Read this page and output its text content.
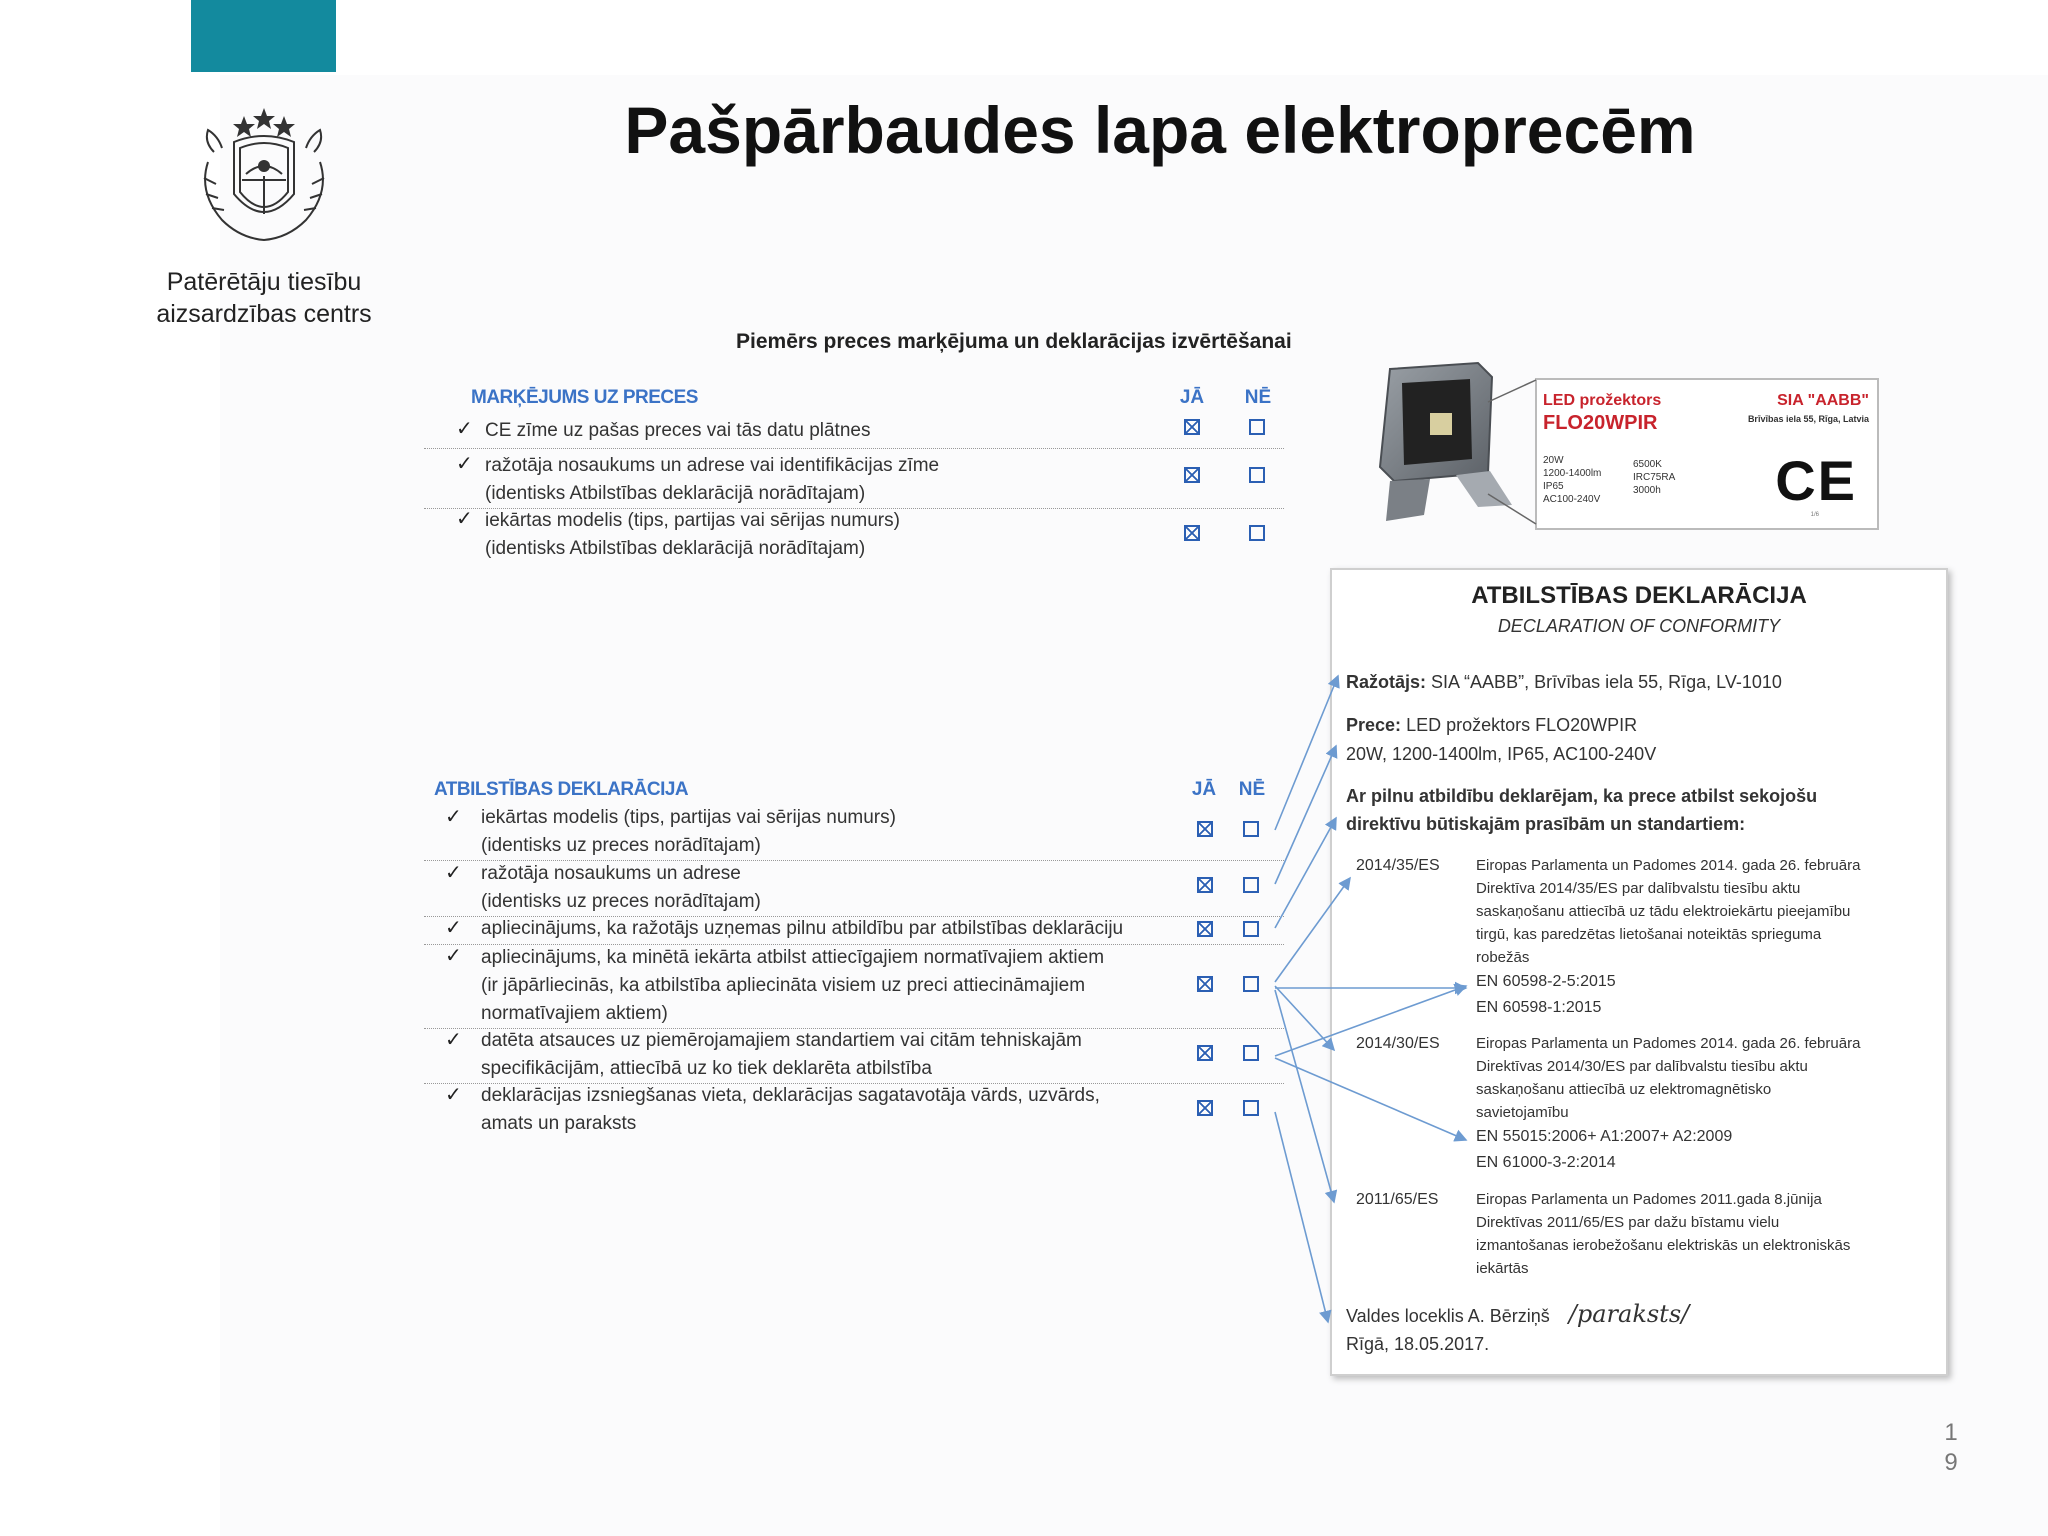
Patērētāju tiesību
aizsardzības centrs
Pašpārbaudes lapa elektroprecēm
Piemērs preces marķējuma un deklarācijas izvērtēšanai
MARĶĒJUMS UZ PRECES	JĀ	NĒ
✓ CE zīme uz pašas preces vai tās datu plātnes
✓ ražotāja nosaukums un adrese vai identifikācijas zīme
(identisks Atbilstības deklarācijā norādītajam)
✓ iekārtas modelis (tips, partijas vai sērijas numurs)
(identisks Atbilstības deklarācijā norādītajam)
ATBILSTĪBAS DEKLARĀCIJA	JĀ	NĒ
✓ iekārtas modelis (tips, partijas vai sērijas numurs)
(identisks uz preces norādītajam)
✓ ražotāja nosaukums un adrese
(identisks uz preces norādītajam)
✓ apliecinājums, ka ražotājs uzņemas pilnu atbildību par atbilstības deklarāciju
✓ apliecinājums, ka minētā iekārta atbilst attiecīgajiem normatīvajiem aktiem
(ir jāpārliecinās, ka atbilstība apliecināta visiem uz preci attiecināmajiem
normatīvajiem aktiem)
✓ datēta atsauces uz piemērojamajiem standartiem vai citām tehniskajām
specifikācijām, attiecībā uz ko tiek deklarēta atbilstība
✓ deklarācijas izsniegšanas vieta, deklarācijas sagatavotāja vārds, uzvārds,
amats un paraksts
LED prožektors
FLO20WPIR
SIA "AABB"
Brīvības iela 55, Rīga, Latvia
20W
1200-1400lm
IP65
AC100-240V
6500K
IRC75RA
3000h CE
1/6
ATBILSTĪBAS DEKLARĀCIJA
DECLARATION OF CONFORMITY
Ražotājs: SIA “AABB”, Brīvības iela 55, Rīga, LV-1010
Prece: LED prožektors FLO20WPIR
20W, 1200-1400lm, IP65, AC100-240V
Ar pilnu atbildību deklarējam, ka prece atbilst sekojošu
direktīvu būtiskajām prasībām un standartiem:
2014/35/ES Eiropas Parlamenta un Padomes 2014. gada 26. februāra
Direktīva 2014/35/ES par dalībvalstu tiesību aktu
saskaņošanu attiecībā uz tādu elektroiekārtu pieejamību
tirgū, kas paredzētas lietošanai noteiktās sprieguma
robežās
EN 60598-2-5:2015
EN 60598-1:2015
2014/30/ES Eiropas Parlamenta un Padomes 2014. gada 26. februāra
Direktīvas 2014/30/ES par dalībvalstu tiesību aktu
saskaņošanu attiecībā uz elektromagnētisko
savietojamību
EN 55015:2006+ A1:2007+ A2:2009
EN 61000-3-2:2014
2011/65/ES	Eiropas Parlamenta un Padomes 2011.gada 8.jūnija
Direktīvas 2011/65/ES par dažu bīstamu vielu
izmantošanas ierobežošanu elektriskās un elektroniskās
iekārtās
Valdes loceklis A. Bērziņš /paraksts/
Rīgā, 18.05.2017.
1
9
